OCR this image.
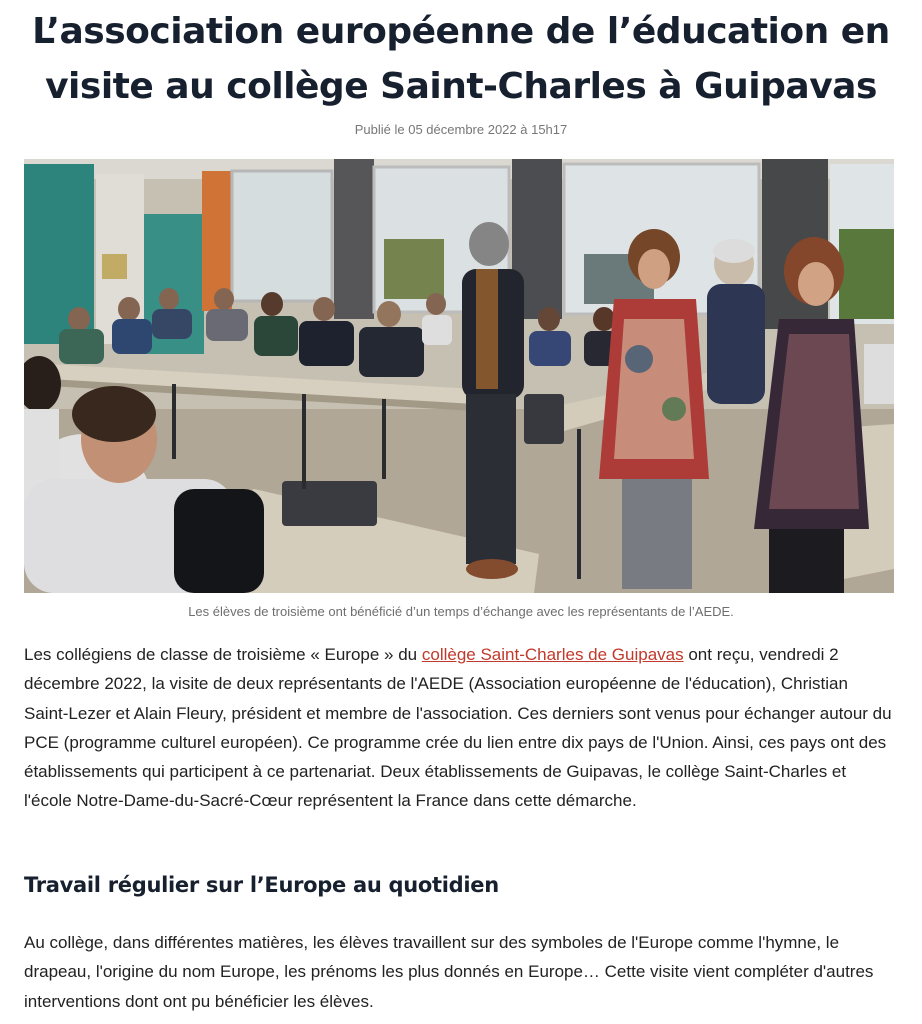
L’association européenne de l’éducation en visite au collège Saint-Charles à Guipavas
Publié le 05 décembre 2022 à 15h17
Les élèves de troisième ont bénéficié d’un temps d’échange avec les représentants de l’AEDE.

Les collégiens de classe de troisième « Europe » du collège Saint-Charles de Guipavas ont reçu, vendredi 2 décembre 2022, la visite de deux représentants de l'AEDE (Association européenne de l'éducation), Christian Saint-Lezer et Alain Fleury, président et membre de l'association. Ces derniers sont venus pour échanger autour du PCE (programme culturel européen). Ce programme crée du lien entre dix pays de l'Union. Ainsi, ces pays ont des établissements qui participent à ce partenariat. Deux établissements de Guipavas, le collège Saint-Charles et l'école Notre-Dame-du-Sacré-Cœur représentent la France dans cette démarche.

Travail régulier sur l’Europe au quotidien

Au collège, dans différentes matières, les élèves travaillent sur des symboles de l'Europe comme l'hymne, le drapeau, l'origine du nom Europe, les prénoms les plus donnés en Europe… Cette visite vient compléter d'autres interventions dont ont pu bénéficier les élèves.
